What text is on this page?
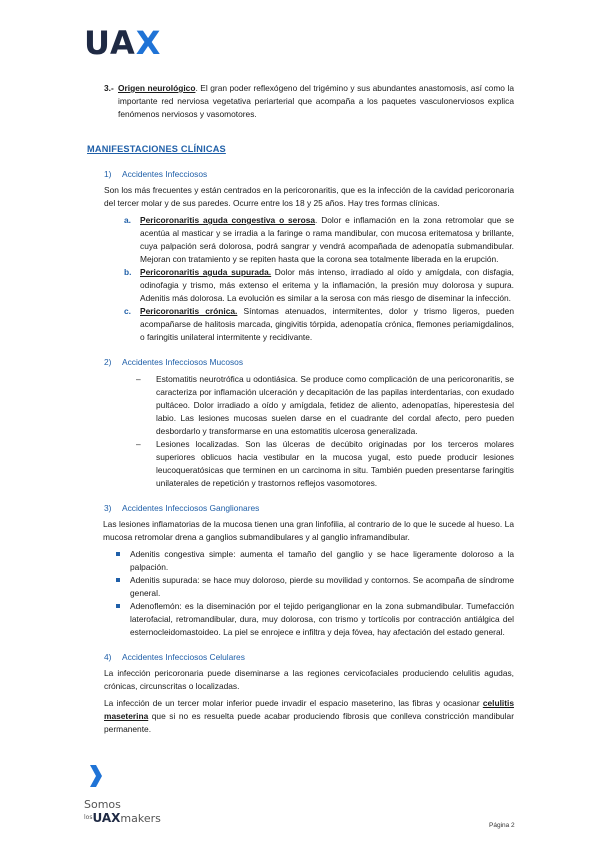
UAX
3.- Origen neurológico. El gran poder reflexógeno del trigémino y sus abundantes anastomosis, así como la importante red nerviosa vegetativa periarterial que acompaña a los paquetes vasculonerviosos explica fenómenos nerviosos y vasomotores.
MANIFESTACIONES CLÍNICAS
1) Accidentes Infecciosos

Son los más frecuentes y están centrados en la pericoronaritis, que es la infección de la cavidad pericoronaria del tercer molar y de sus paredes. Ocurre entre los 18 y 25 años. Hay tres formas clínicas.

a. Pericoronaritis aguda congestiva o serosa. Dolor e inflamación en la zona retromolar que se acentúa al masticar y se irradia a la faringe o rama mandibular, con mucosa eritematosa y brillante, cuya palpación será dolorosa, podrá sangrar y vendrá acompañada de adenopatía submandibular. Mejoran con tratamiento y se repiten hasta que la corona sea totalmente liberada en la erupción.
b. Pericoronaritis aguda supurada. Dolor más intenso, irradiado al oído y amígdala, con disfagia, odinofagia y trismo, más extenso el eritema y la inflamación, la presión muy dolorosa y supura. Adenitis más dolorosa. La evolución es similar a la serosa con más riesgo de diseminar la infección.
c. Pericoronaritis crónica. Síntomas atenuados, intermitentes, dolor y trismo ligeros, pueden acompañarse de halitosis marcada, gingivitis tórpida, adenopatía crónica, flemones periamigdalinos, o faringitis unilateral intermitente y recidivante.
2) Accidentes Infecciosos Mucosos
– Estomatitis neurotrófica u odontiásica. Se produce como complicación de una pericoronaritis, se caracteriza por inflamación ulceración y decapitación de las papilas interdentarias, con exudado pultáceo. Dolor irradiado a oído y amígdala, fetidez de aliento, adenopatías, hiperestesia del labio. Las lesiones mucosas suelen darse en el cuadrante del cordal afecto, pero pueden desbordarlo y transformarse en una estomatitis ulcerosa generalizada.
– Lesiones localizadas. Son las úlceras de decúbito originadas por los terceros molares superiores oblicuos hacia vestibular en la mucosa yugal, esto puede producir lesiones leucoqueratósicas que terminen en un carcinoma in situ. También pueden presentarse faringitis unilaterales de repetición y trastornos reflejos vasomotores.
3) Accidentes Infecciosos Ganglionares

Las lesiones inflamatorias de la mucosa tienen una gran linfofilia, al contrario de lo que le sucede al hueso. La mucosa retromolar drena a ganglios submandibulares y al ganglio inframandibular.

Adenitis congestiva simple: aumenta el tamaño del ganglio y se hace ligeramente doloroso a la palpación.
Adenitis supurada: se hace muy doloroso, pierde su movilidad y contornos. Se acompaña de síndrome general.
Adenoflemón: es la diseminación por el tejido periganglionar en la zona submandibular. Tumefacción laterofacial, retromandibular, dura, muy dolorosa, con trismo y tortícolis por contracción antiálgica del esternocleidomastoideo. La piel se enrojece e infiltra y deja fóvea, hay afectación del estado general.
4) Accidentes Infecciosos Celulares

La infección pericoronaria puede diseminarse a las regiones cervicofaciales produciendo celulitis agudas, crónicas, circunscritas o localizadas.

La infección de un tercer molar inferior puede invadir el espacio maseterino, las fibras y ocasionar celulitis maseterina que si no es resuelta puede acabar produciendo fibrosis que conlleva constricción mandibular permanente.

Somos
$^{los}$UAXmakers
Página 2
